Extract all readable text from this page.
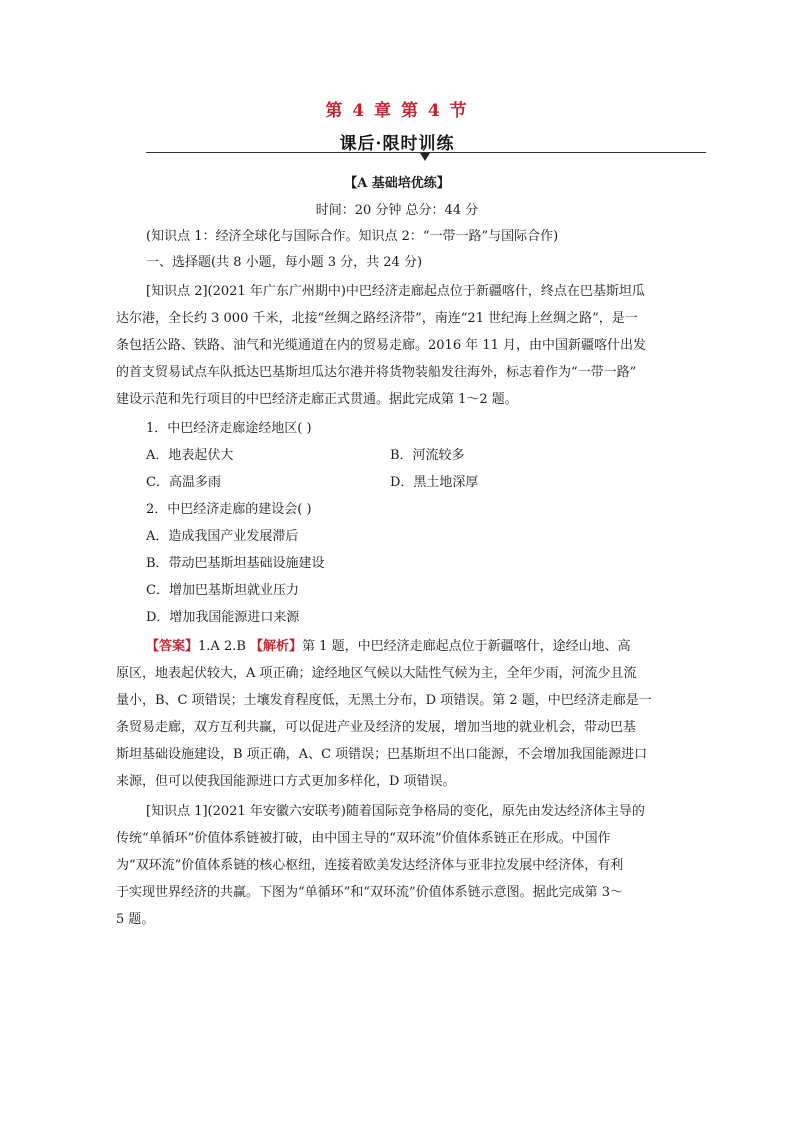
第 4 章 第 4 节
课后·限时训练
【A 基础培优练】
时间：20 分钟 总分：44 分
(知识点 1：经济全球化与国际合作。知识点 2：“一带一路”与国际合作)
一、选择题(共 8 小题，每小题 3 分，共 24 分)
[知识点 2](2021 年广东广州期中)中巴经济走廊起点位于新疆喀什，终点在巴基斯坦瓜
达尔港，全长约 3 000 千米，北接“丝绸之路经济带”，南连“21 世纪海上丝绸之路”，是一
条包括公路、铁路、油气和光缆通道在内的贸易走廊。2016 年 11 月，由中国新疆喀什出发
的首支贸易试点车队抵达巴基斯坦瓜达尔港并将货物装船发往海外，标志着作为“一带一路”
建设示范和先行项目的中巴经济走廊正式贯通。据此完成第 1～2 题。
1．中巴经济走廊途经地区( )
A．地表起伏大	B．河流较多
C．高温多雨	D．黑土地深厚
2．中巴经济走廊的建设会( )
A．造成我国产业发展滞后
B．带动巴基斯坦基础设施建设
C．增加巴基斯坦就业压力
D．增加我国能源进口来源
【答案】1.A 2.B 【解析】第 1 题，中巴经济走廊起点位于新疆喀什，途经山地、高
原区，地表起伏较大，A 项正确；途经地区气候以大陆性气候为主，全年少雨，河流少且流
量小，B、C 项错误；土壤发育程度低，无黑土分布，D 项错误。第 2 题，中巴经济走廊是一
条贸易走廊，双方互利共赢，可以促进产业及经济的发展，增加当地的就业机会，带动巴基
斯坦基础设施建设，B 项正确，A、C 项错误；巴基斯坦不出口能源，不会增加我国能源进口
来源，但可以使我国能源进口方式更加多样化，D 项错误。
[知识点 1](2021 年安徽六安联考)随着国际竞争格局的变化，原先由发达经济体主导的
传统“单循环”价值体系链被打破，由中国主导的“双环流”价值体系链正在形成。中国作
为“双环流”价值体系链的核心枢纽，连接着欧美发达经济体与亚非拉发展中经济体，有利
于实现世界经济的共赢。下图为“单循环”和“双环流”价值体系链示意图。据此完成第 3～
5 题。
